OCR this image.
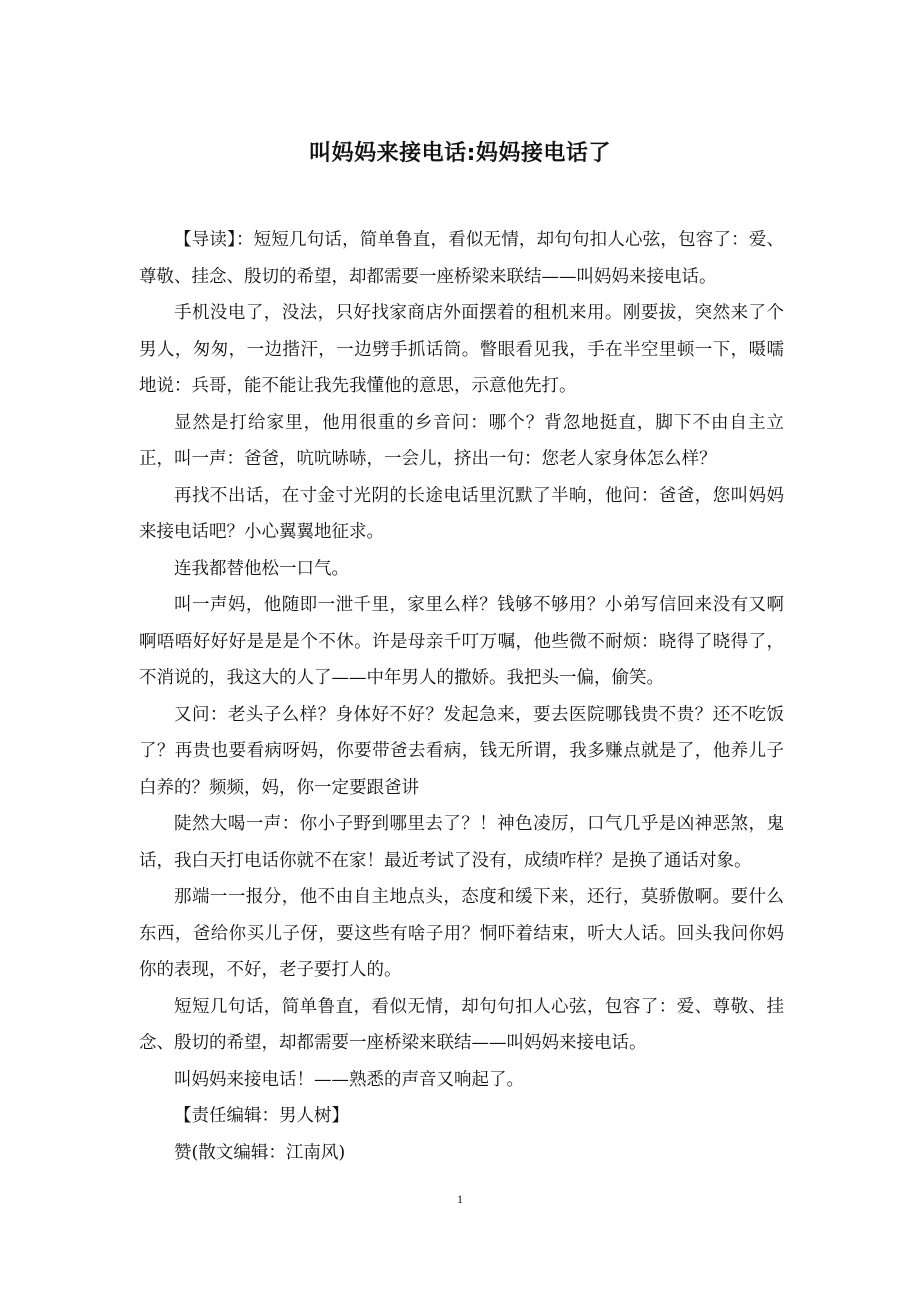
叫妈妈来接电话:妈妈接电话了

【导读】：短短几句话，简单鲁直，看似无情，却句句扣人心弦，包容了：爱、尊敬、挂念、殷切的希望，却都需要一座桥梁来联结——叫妈妈来接电话。

手机没电了，没法，只好找家商店外面摆着的租机来用。刚要拔，突然来了个男人，匆匆，一边揩汗，一边劈手抓话筒。瞥眼看见我，手在半空里顿一下，嗫嚅地说：兵哥，能不能让我先我懂他的意思，示意他先打。

显然是打给家里，他用很重的乡音问：哪个？背忽地挺直，脚下不由自主立正，叫一声：爸爸，吭吭哧哧，一会儿，挤出一句：您老人家身体怎么样？

再找不出话，在寸金寸光阴的长途电话里沉默了半晌，他问：爸爸，您叫妈妈来接电话吧？小心翼翼地征求。

连我都替他松一口气。

叫一声妈，他随即一泄千里，家里么样？钱够不够用？小弟写信回来没有又啊啊唔唔好好好是是是个不休。许是母亲千叮万嘱，他些微不耐烦：晓得了晓得了，不消说的，我这大的人了——中年男人的撒娇。我把头一偏，偷笑。

又问：老头子么样？身体好不好？发起急来，要去医院哪钱贵不贵？还不吃饭了？再贵也要看病呀妈，你要带爸去看病，钱无所谓，我多赚点就是了，他养儿子白养的？频频，妈，你一定要跟爸讲

陡然大喝一声：你小子野到哪里去了？！神色凌厉，口气几乎是凶神恶煞，鬼话，我白天打电话你就不在家！最近考试了没有，成绩咋样？是换了通话对象。

那端一一报分，他不由自主地点头，态度和缓下来，还行，莫骄傲啊。要什么东西，爸给你买儿子伢，要这些有啥子用？恫吓着结束，听大人话。回头我问你妈你的表现，不好，老子要打人的。

短短几句话，简单鲁直，看似无情，却句句扣人心弦，包容了：爱、尊敬、挂念、殷切的希望，却都需要一座桥梁来联结——叫妈妈来接电话。

叫妈妈来接电话！——熟悉的声音又响起了。

【责任编辑：男人树】

赞(散文编辑：江南风)

1
